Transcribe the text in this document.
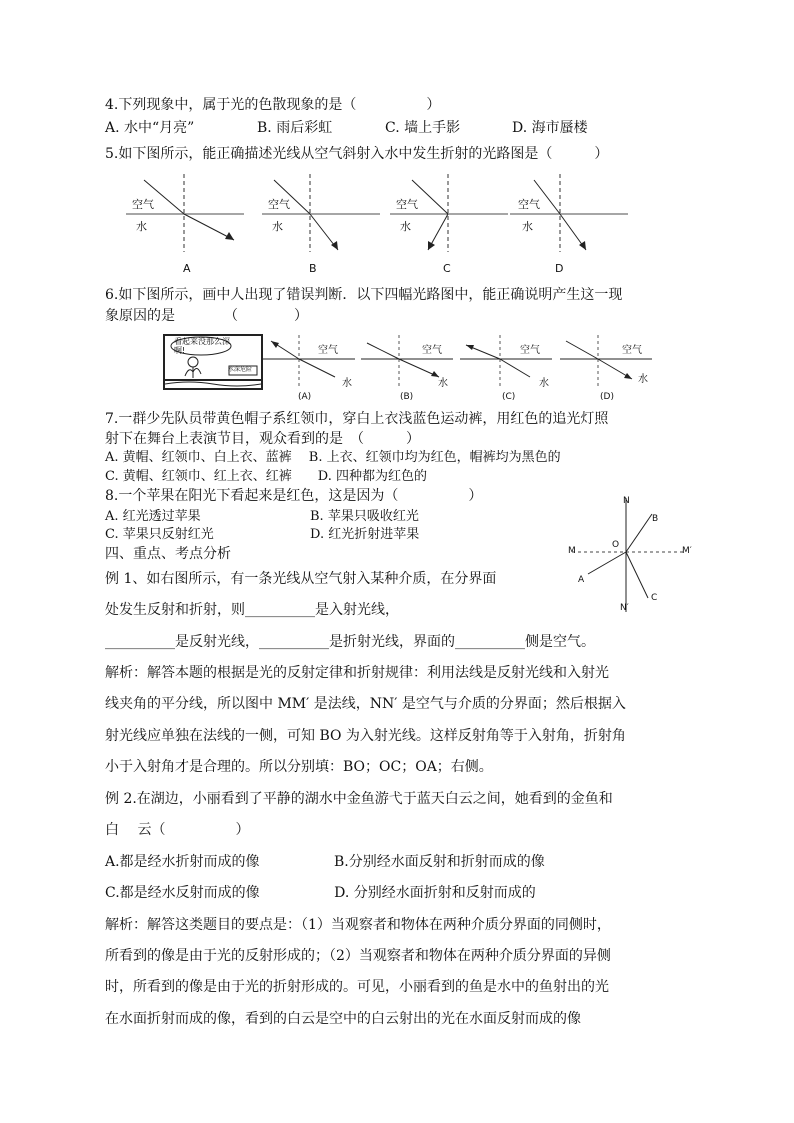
4.下列现象中，属于光的色散现象的是（　　　　　）
A. 水中“月亮”	B. 雨后彩虹	C. 墙上手影	D. 海市蜃楼
5.如下图所示，能正确描述光线从空气斜射入水中发生折射的光路图是（　　　）
空气
水
空气
水
空气
水
空气
水
A	B	C	D
6.如下图所示，画中人出现了错误判断．以下四幅光路图中，能正确说明产生这一现
象原因的是　　　　（　　　　）
看起来没那么深啊!
水深危险
空气
水
空气
水
空气
水
空气
水
(A)	(B)	(C)	(D)
7.一群少先队员带黄色帽子系红领巾，穿白上衣浅蓝色运动裤，用红色的追光灯照
射下在舞台上表演节目，观众看到的是　（　　　）
A. 黄帽、红领巾、白上衣、蓝裤　 B. 上衣、红领巾均为红色，帽裤均为黑色的
C. 黄帽、红领巾、红上衣、红裤　　D. 四种都为红色的
8.一个苹果在阳光下看起来是红色，这是因为（　　　　　）
A. 红光透过苹果	B. 苹果只吸收红光
C. 苹果只反射红光	D. 红光折射进苹果
四、重点、考点分析
N
N′
M	M′
O
A
B
C
例 1、如右图所示，有一条光线从空气射入某种介质，在分界面
处发生反射和折射，则__________是入射光线，
__________是反射光线，__________是折射光线，界面的__________侧是空气。
解析：解答本题的根据是光的反射定律和折射规律：利用法线是反射光线和入射光
线夹角的平分线，所以图中 MM′ 是法线，NN′ 是空气与介质的分界面；然后根据入
射光线应单独在法线的一侧，可知 BO 为入射光线。这样反射角等于入射角，折射角
小于入射角才是合理的。所以分别填：BO；OC；OA；右侧。
例 2.在湖边，小丽看到了平静的湖水中金鱼游弋于蓝天白云之间，她看到的金鱼和
白　 云（　　　　　）
A.都是经水折射而成的像　　　　　 B.分别经水面反射和折射而成的像
C.都是经水反射而成的像　　　　　 D. 分别经水面折射和反射而成的
解析：解答这类题目的要点是：（1）当观察者和物体在两种介质分界面的同侧时，
所看到的像是由于光的反射形成的；（2）当观察者和物体在两种介质分界面的异侧
时，所看到的像是由于光的折射形成的。可见，小丽看到的鱼是水中的鱼射出的光
在水面折射而成的像，看到的白云是空中的白云射出的光在水面反射而成的像
